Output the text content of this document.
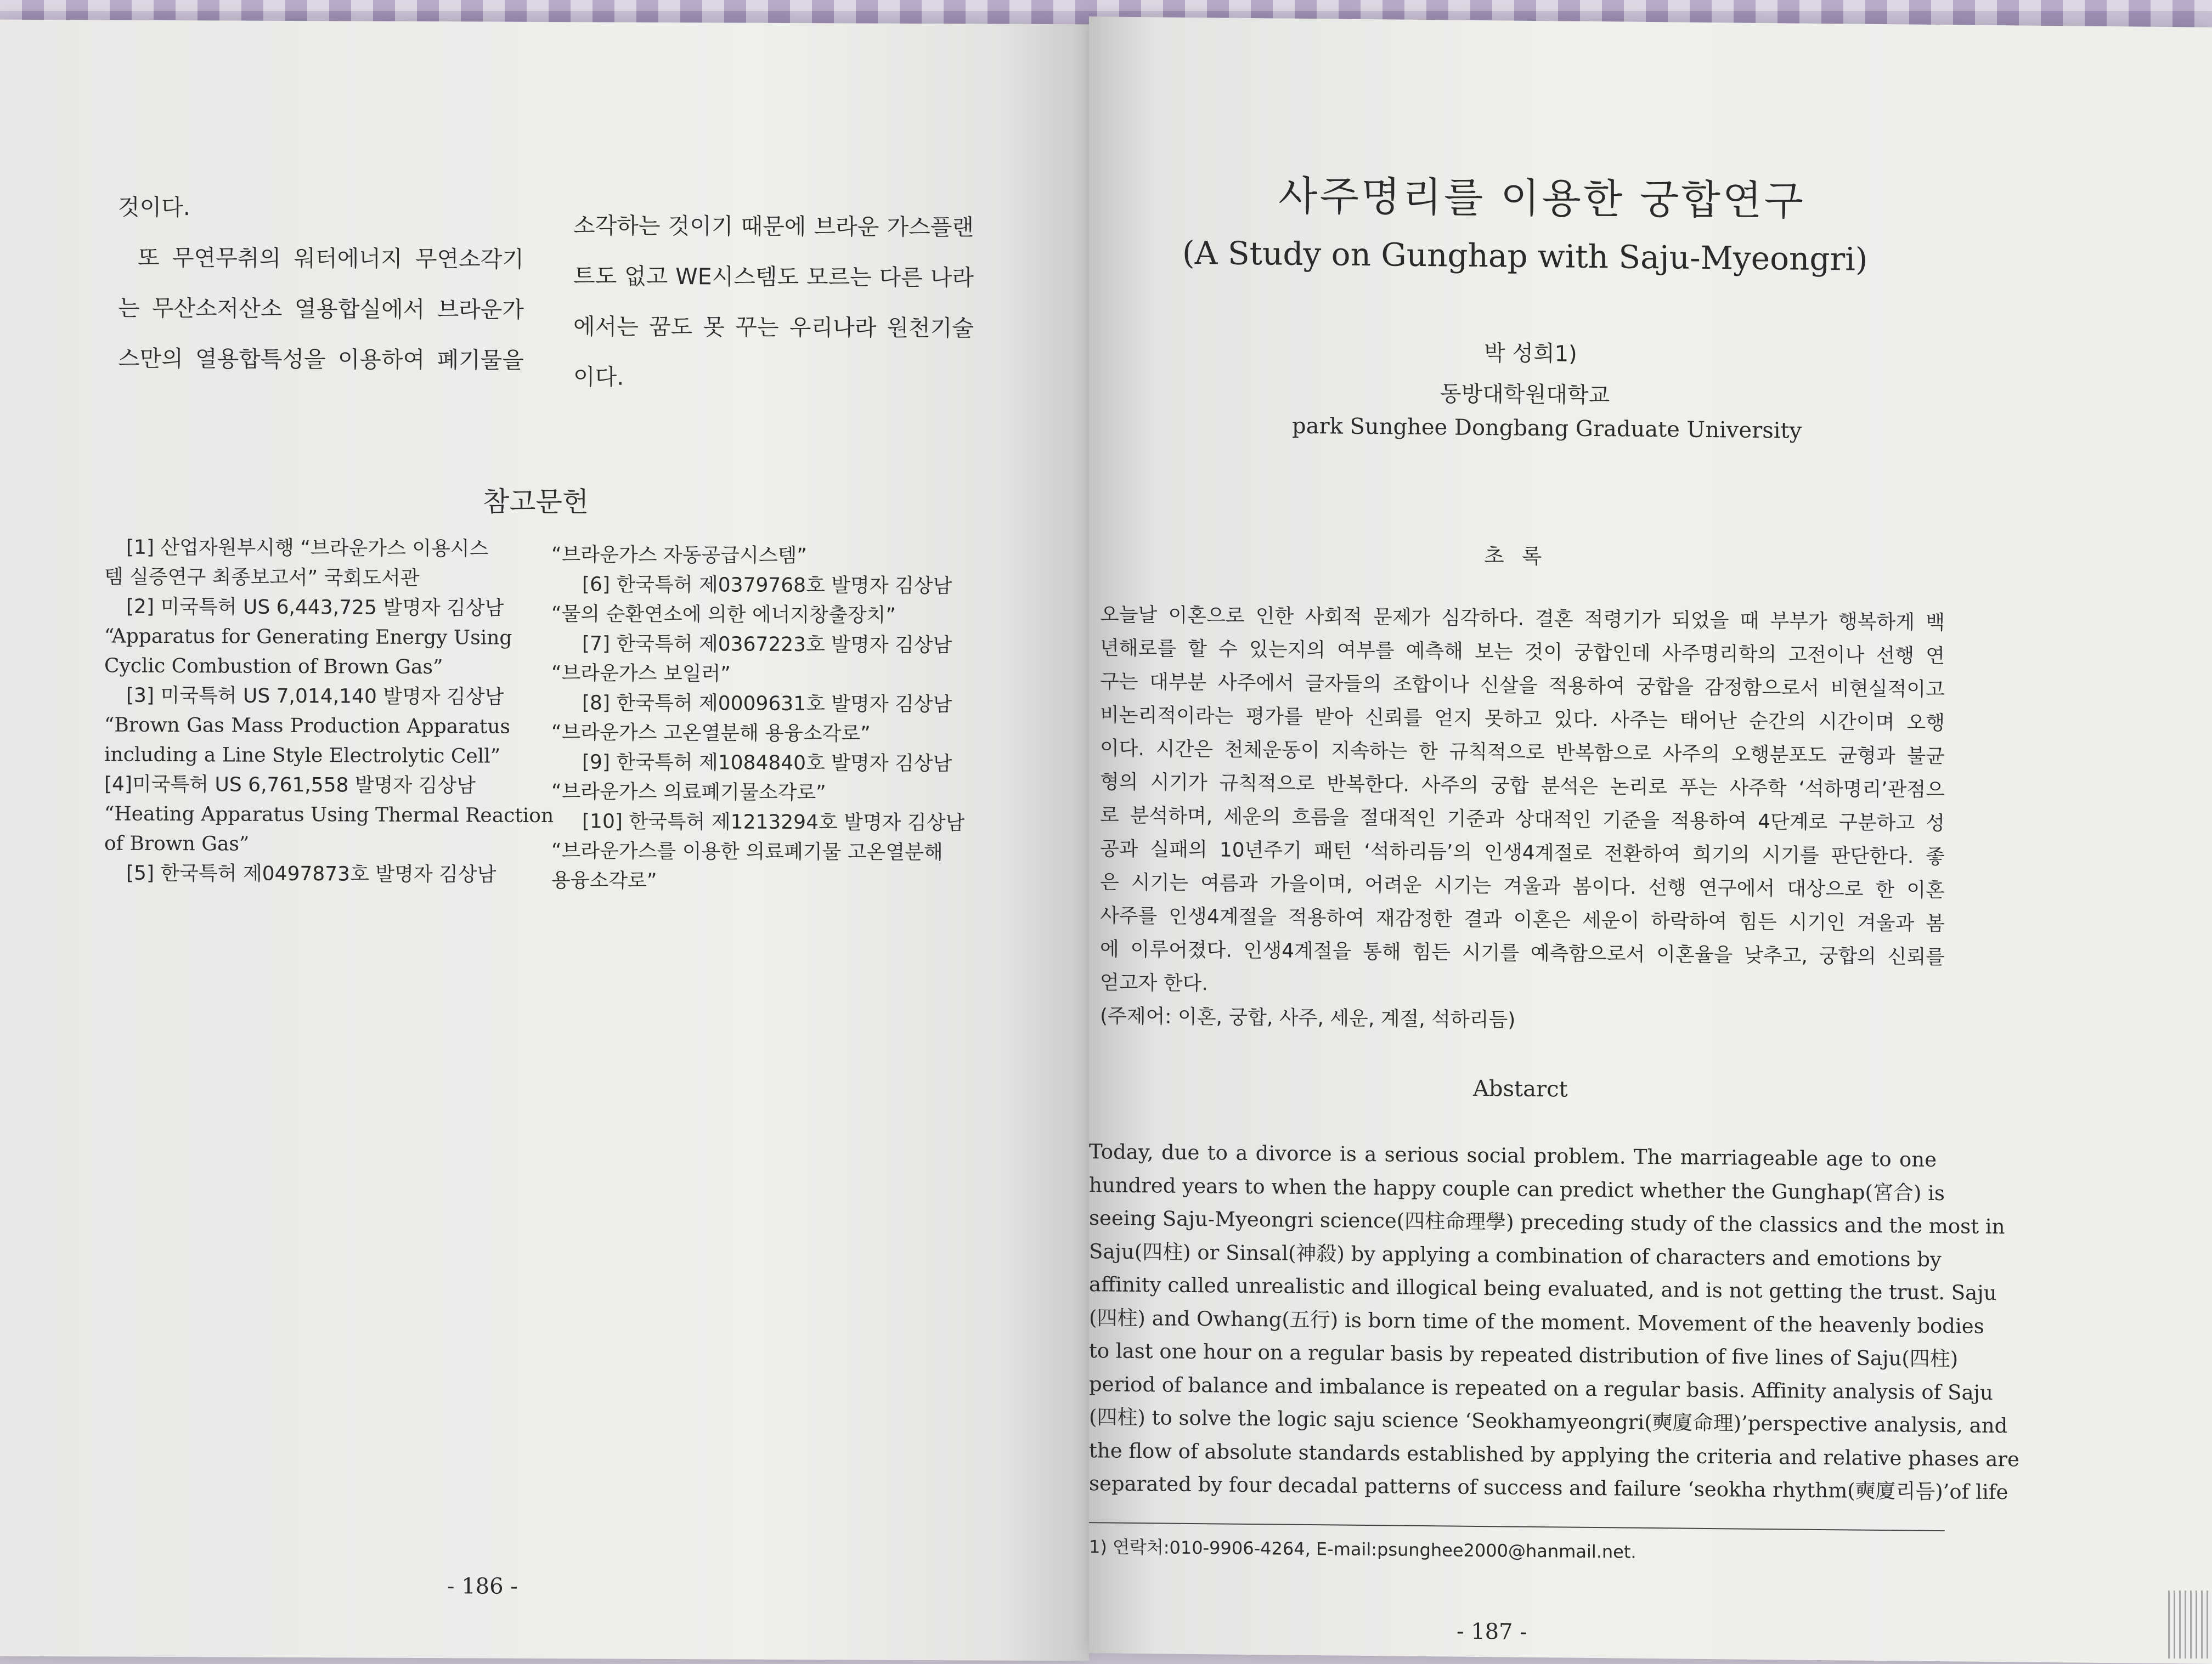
것이다.
또 무연무취의 워터에너지 무연소각기
는 무산소저산소 열용합실에서 브라운가
스만의 열용합특성을 이용하여 폐기물을
소각하는 것이기 때문에 브라운 가스플랜
트도 없고 WE시스템도 모르는 다른 나라
에서는 꿈도 못 꾸는 우리나라 원천기술
이다.
참고문헌
[1] 산업자원부시행 “브라운가스 이용시스
템 실증연구 최종보고서” 국회도서관
[2] 미국특허 US 6,443,725 발명자 김상남
“Apparatus for Generating Energy Using
Cyclic Combustion of Brown Gas”
[3] 미국특허 US 7,014,140 발명자 김상남
“Brown Gas Mass Production Apparatus
including a Line Style Electrolytic Cell”
[4]미국특허 US 6,761,558 발명자 김상남
“Heating Apparatus Using Thermal Reaction
of Brown Gas”
[5] 한국특허 제0497873호 발명자 김상남
“브라운가스 자동공급시스템”
[6] 한국특허 제0379768호 발명자 김상남
“물의 순환연소에 의한 에너지창출장치”
[7] 한국특허 제0367223호 발명자 김상남
“브라운가스 보일러”
[8] 한국특허 제0009631호 발명자 김상남
“브라운가스 고온열분해 용융소각로”
[9] 한국특허 제1084840호 발명자 김상남
“브라운가스 의료폐기물소각로”
[10] 한국특허 제1213294호 발명자 김상남
“브라운가스를 이용한 의료폐기물 고온열분해
용융소각로”
- 186 -
사주명리를 이용한 궁합연구
(A Study on Gunghap with Saju-Myeongri)
박 성희1)
동방대학원대학교
park Sunghee Dongbang Graduate University
초 록
오늘날 이혼으로 인한 사회적 문제가 심각하다. 결혼 적령기가 되었을 때 부부가 행복하게 백
년해로를 할 수 있는지의 여부를 예측해 보는 것이 궁합인데 사주명리학의 고전이나 선행 연
구는 대부분 사주에서 글자들의 조합이나 신살을 적용하여 궁합을 감정함으로서 비현실적이고
비논리적이라는 평가를 받아 신뢰를 얻지 못하고 있다. 사주는 태어난 순간의 시간이며 오행
이다. 시간은 천체운동이 지속하는 한 규칙적으로 반복함으로 사주의 오행분포도 균형과 불균
형의 시기가 규칙적으로 반복한다. 사주의 궁합 분석은 논리로 푸는 사주학 ‘석하명리’관점으
로 분석하며, 세운의 흐름을 절대적인 기준과 상대적인 기준을 적용하여 4단계로 구분하고 성
공과 실패의 10년주기 패턴 ‘석하리듬’의 인생4계절로 전환하여 희기의 시기를 판단한다. 좋
은 시기는 여름과 가을이며, 어려운 시기는 겨울과 봄이다. 선행 연구에서 대상으로 한 이혼
사주를 인생4계절을 적용하여 재감정한 결과 이혼은 세운이 하락하여 힘든 시기인 겨울과 봄
에 이루어졌다. 인생4계절을 통해 힘든 시기를 예측함으로서 이혼율을 낮추고, 궁합의 신뢰를
얻고자 한다.
(주제어: 이혼, 궁합, 사주, 세운, 계절, 석하리듬)
Abstarct
Today, due to a divorce is a serious social problem. The marriageable age to one
hundred years to when the happy couple can predict whether the Gunghap(宮合) is
seeing Saju-Myeongri science(四柱命理學) preceding study of the classics and the most in
Saju(四柱) or Sinsal(神殺) by applying a combination of characters and emotions by
affinity called unrealistic and illogical being evaluated, and is not getting the trust. Saju
(四柱) and Owhang(五行) is born time of the moment. Movement of the heavenly bodies
to last one hour on a regular basis by repeated distribution of five lines of Saju(四柱)
period of balance and imbalance is repeated on a regular basis. Affinity analysis of Saju
(四柱) to solve the logic saju science ‘Seokhamyeongri(奭廈命理)’perspective analysis, and
the flow of absolute standards established by applying the criteria and relative phases are
separated by four decadal patterns of success and failure ‘seokha rhythm(奭廈리듬)’of life
1) 연락처:010-9906-4264, E-mail:psunghee2000@hanmail.net.
- 187 -
